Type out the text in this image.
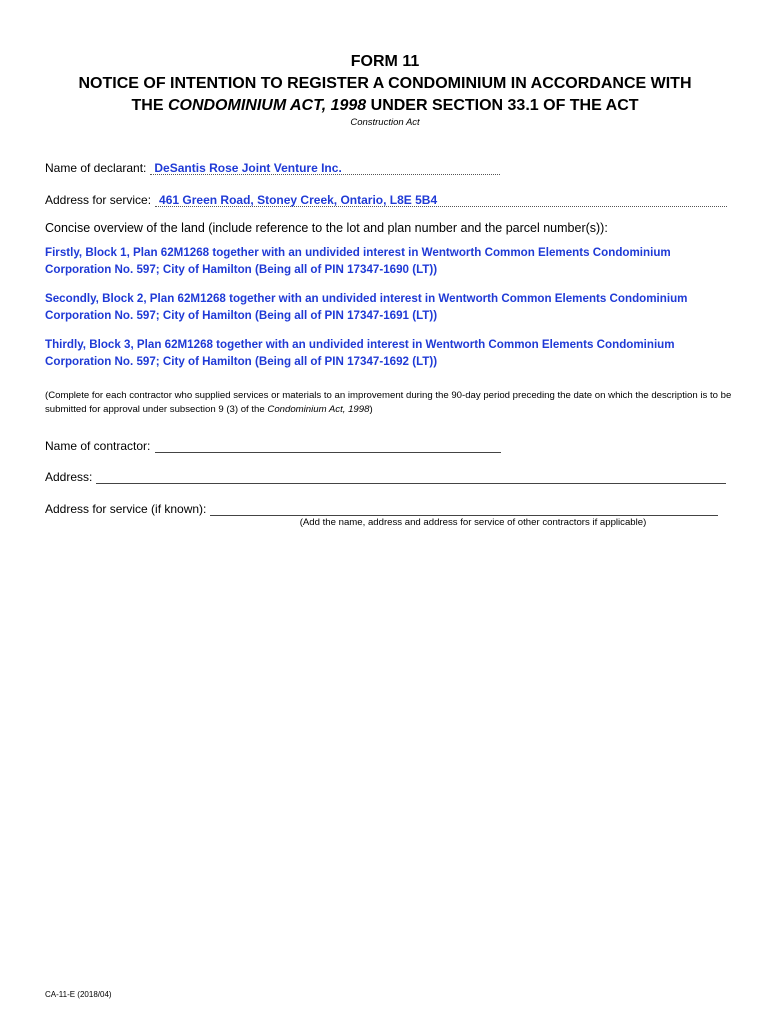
FORM 11
NOTICE OF INTENTION TO REGISTER A CONDOMINIUM IN ACCORDANCE WITH
THE CONDOMINIUM ACT, 1998 UNDER SECTION 33.1 OF THE ACT
Construction Act
Name of declarant: DeSantis Rose Joint Venture Inc.
Address for service: 461 Green Road, Stoney Creek, Ontario, L8E 5B4
Concise overview of the land (include reference to the lot and plan number and the parcel number(s)):
Firstly, Block 1, Plan 62M1268 together with an undivided interest in Wentworth Common Elements Condominium Corporation No. 597; City of Hamilton (Being all of PIN 17347-1690 (LT))
Secondly, Block 2, Plan 62M1268 together with an undivided interest in Wentworth Common Elements Condominium Corporation No. 597; City of Hamilton (Being all of PIN 17347-1691 (LT))
Thirdly, Block 3, Plan 62M1268 together with an undivided interest in Wentworth Common Elements Condominium Corporation No. 597; City of Hamilton (Being all of PIN 17347-1692 (LT))
(Complete for each contractor who supplied services or materials to an improvement during the 90-day period preceding the date on which the description is to be submitted for approval under subsection 9 (3) of the Condominium Act, 1998)
Name of contractor:
Address:
Address for service (if known):
(Add the name, address and address for service of other contractors if applicable)
CA-11-E (2018/04)
